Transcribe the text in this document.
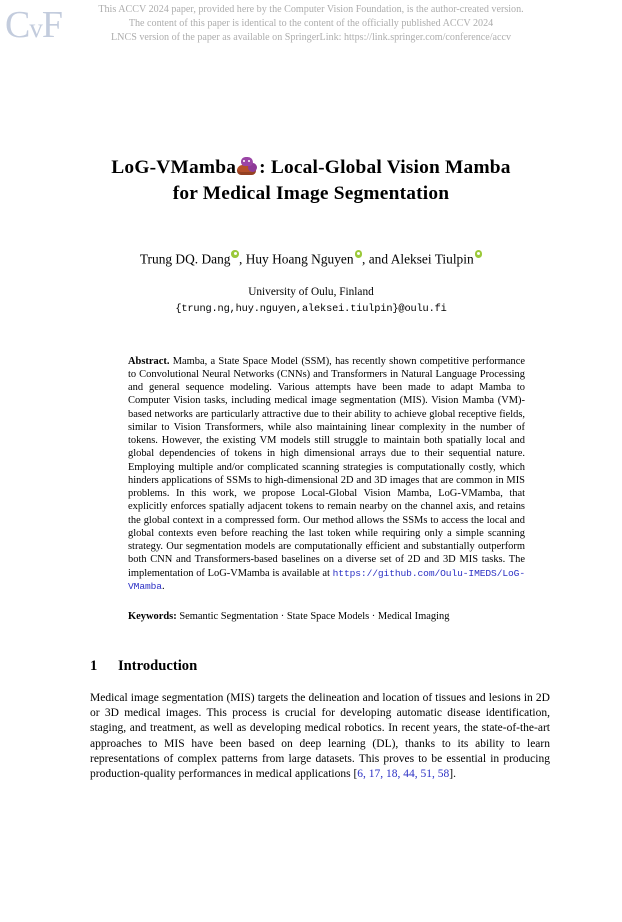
CvF	This ACCV 2024 paper, provided here by the Computer Vision Foundation, is the author-created version.
The content of this paper is identical to the content of the officially published ACCV 2024
LNCS version of the paper as available on SpringerLink: https://link.springer.com/conference/accv
LoG-VMamba : Local-Global Vision Mamba
for Medical Image Segmentation
Trung DQ. Dang , Huy Hoang Nguyen , and Aleksei Tiulpin
University of Oulu, Finland
{trung.ng,huy.nguyen,aleksei.tiulpin}@oulu.fi
Abstract. Mamba, a State Space Model (SSM), has recently shown competitive performance to Convolutional Neural Networks (CNNs) and Transformers in Natural Language Processing and general sequence modeling. Various attempts have been made to adapt Mamba to Computer Vision tasks, including medical image segmentation (MIS). Vision Mamba (VM)-based networks are particularly attractive due to their ability to achieve global receptive fields, similar to Vision Transformers, while also maintaining linear complexity in the number of tokens. However, the existing VM models still struggle to maintain both spatially local and global dependencies of tokens in high dimensional arrays due to their sequential nature. Employing multiple and/or complicated scanning strategies is computationally costly, which hinders applications of SSMs to high-dimensional 2D and 3D images that are common in MIS problems. In this work, we propose Local-Global Vision Mamba, LoG-VMamba, that explicitly enforces spatially adjacent tokens to remain nearby on the channel axis, and retains the global context in a compressed form. Our method allows the SSMs to access the local and global contexts even before reaching the last token while requiring only a simple scanning strategy. Our segmentation models are computationally efficient and substantially outperform both CNN and Transformers-based baselines on a diverse set of 2D and 3D MIS tasks. The implementation of LoG-VMamba is available at https://github.com/Oulu-IMEDS/LoG-VMamba.
Keywords: Semantic Segmentation · State Space Models · Medical Imaging
1 Introduction
Medical image segmentation (MIS) targets the delineation and location of tissues and lesions in 2D or 3D medical images. This process is crucial for developing automatic disease identification, staging, and treatment, as well as developing medical robotics. In recent years, the state-of-the-art approaches to MIS have been based on deep learning (DL), thanks to its ability to learn representations of complex patterns from large datasets. This proves to be essential in producing production-quality performances in medical applications [6, 17, 18, 44, 51, 58].
